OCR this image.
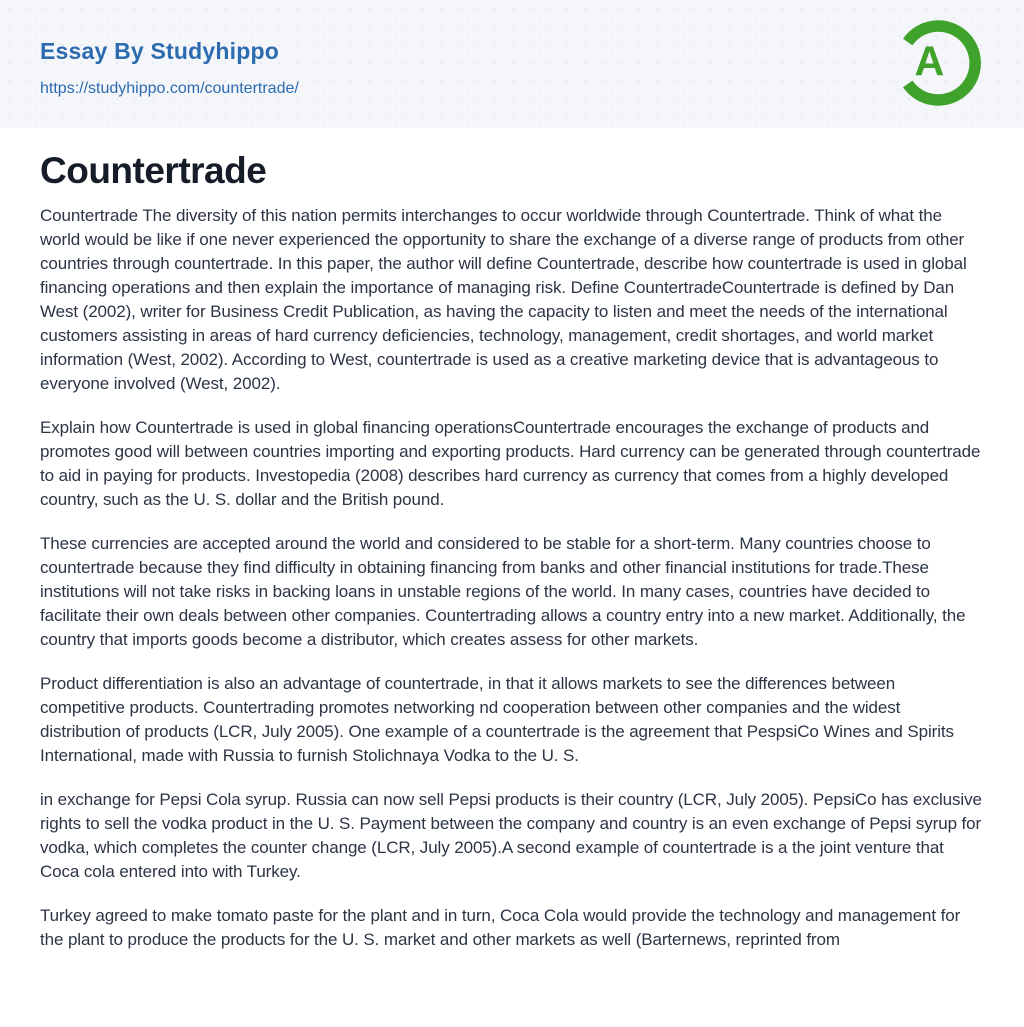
Essay By Studyhippo
https://studyhippo.com/countertrade/
A
Countertrade

Countertrade The diversity of this nation permits interchanges to occur worldwide through Countertrade. Think of what the world would be like if one never experienced the opportunity to share the exchange of a diverse range of products from other countries through countertrade. In this paper, the author will define Countertrade, describe how countertrade is used in global financing operations and then explain the importance of managing risk. Define CountertradeCountertrade is defined by Dan West (2002), writer for Business Credit Publication, as having the capacity to listen and meet the needs of the international customers assisting in areas of hard currency deficiencies, technology, management, credit shortages, and world market information (West, 2002). According to West, countertrade is used as a creative marketing device that is advantageous to everyone involved (West, 2002).

Explain how Countertrade is used in global financing operationsCountertrade encourages the exchange of products and promotes good will between countries importing and exporting products. Hard currency can be generated through countertrade to aid in paying for products. Investopedia (2008) describes hard currency as currency that comes from a highly developed country, such as the U. S. dollar and the British pound.

These currencies are accepted around the world and considered to be stable for a short-term. Many countries choose to countertrade because they find difficulty in obtaining financing from banks and other financial institutions for trade.These institutions will not take risks in backing loans in unstable regions of the world. In many cases, countries have decided to facilitate their own deals between other companies. Countertrading allows a country entry into a new market. Additionally, the country that imports goods become a distributor, which creates assess for other markets.

Product differentiation is also an advantage of countertrade, in that it allows markets to see the differences between competitive products. Countertrading promotes networking nd cooperation between other companies and the widest distribution of products (LCR, July 2005). One example of a countertrade is the agreement that PespsiCo Wines and Spirits International, made with Russia to furnish Stolichnaya Vodka to the U. S.

in exchange for Pepsi Cola syrup. Russia can now sell Pepsi products is their country (LCR, July 2005). PepsiCo has exclusive rights to sell the vodka product in the U. S. Payment between the company and country is an even exchange of Pepsi syrup for vodka, which completes the counter change (LCR, July 2005).A second example of countertrade is a the joint venture that Coca cola entered into with Turkey.

Turkey agreed to make tomato paste for the plant and in turn, Coca Cola would provide the technology and management for the plant to produce the products for the U. S. market and other markets as well (Barternews, reprinted from
